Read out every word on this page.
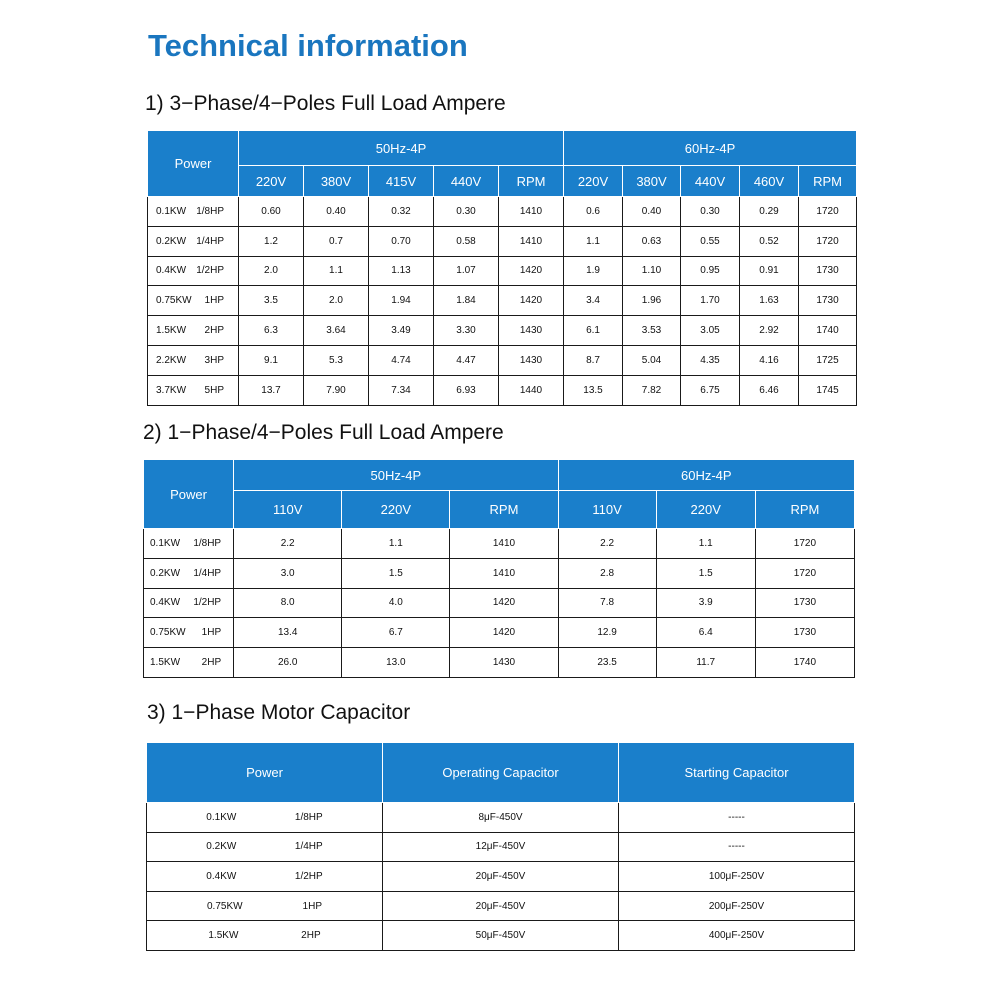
Technical information
1) 3−Phase/4−Poles Full Load Ampere
Power	50Hz-4P					60Hz-4P				
	220V	380V	415V	440V	RPM	220V	380V	440V	460V	RPM

0.1KW 1/8HP	0.60	0.40	0.32	0.30	1410	0.6	0.40	0.30	0.29	1720

0.2KW 1/4HP	1.2	0.7	0.70	0.58	1410	1.1	0.63	0.55	0.52	1720

0.4KW 1/2HP	2.0	1.1	1.13	1.07	1420	1.9	1.10	0.95	0.91	1730

0.75KW 1HP	3.5	2.0	1.94	1.84	1420	3.4	1.96	1.70	1.63	1730

1.5KW 2HP	6.3	3.64	3.49	3.30	1430	6.1	3.53	3.05	2.92	1740

2.2KW 3HP	9.1	5.3	4.74	4.47	1430	8.7	5.04	4.35	4.16	1725

3.7KW 5HP	13.7	7.90	7.34	6.93	1440	13.5	7.82	6.75	6.46	1745
2) 1−Phase/4−Poles Full Load Ampere
Power	50Hz-4P			60Hz-4P		
	110V	220V	RPM	110V	220V	RPM

0.1KW 1/8HP	2.2	1.1	1410	2.2	1.1	1720

0.2KW 1/4HP	3.0	1.5	1410	2.8	1.5	1720

0.4KW 1/2HP	8.0	4.0	1420	7.8	3.9	1730

0.75KW 1HP	13.4	6.7	1420	12.9	6.4	1730

1.5KW 2HP	26.0	13.0	1430	23.5	11.7	1740
3) 1−Phase Motor Capacitor
Power	Operating Capacitor	Starting Capacitor

0.1KW 1/8HP	8μF-450V	-----

0.2KW 1/4HP	12μF-450V	-----

0.4KW 1/2HP	20μF-450V	100μF-250V

0.75KW 1HP	20μF-450V	200μF-250V

1.5KW 2HP	50μF-450V	400μF-250V
